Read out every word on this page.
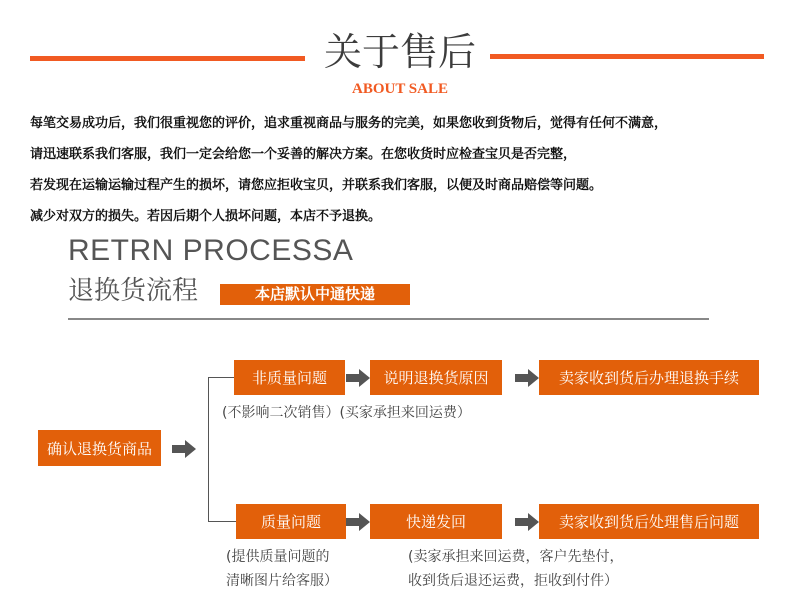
关于售后
ABOUT SALE
每笔交易成功后，我们很重视您的评价，追求重视商品与服务的完美，如果您收到货物后，觉得有任何不满意，
请迅速联系我们客服，我们一定会给您一个妥善的解决方案。在您收货时应检查宝贝是否完整，
若发现在运输运输过程产生的损坏，请您应拒收宝贝，并联系我们客服，以便及时商品赔偿等问题。
减少对双方的损失。若因后期个人损坏问题，本店不予退换。
RETRN PROCESSA
退换货流程	本店默认中通快递
确认退换货商品
非质量问题	说明退换货原因	卖家收到货后办理退换手续
(不影响二次销售）(买家承担来回运费）
质量问题	快递发回	卖家收到货后处理售后问题
(提供质量问题的
清晰图片给客服）
(卖家承担来回运费，客户先垫付，
收到货后退还运费，拒收到付件）
